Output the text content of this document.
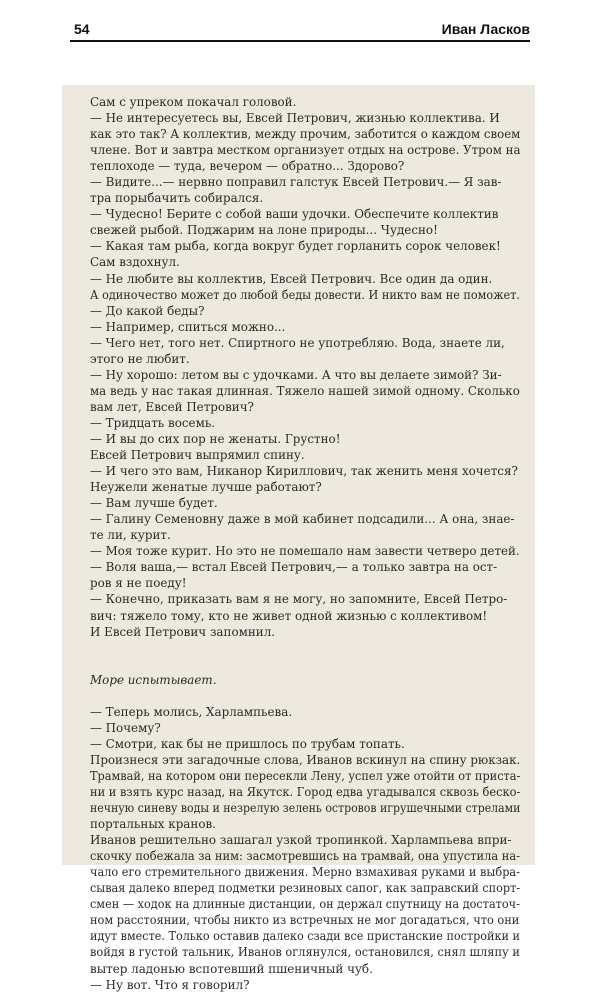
54	Иван Ласков
Сам с упреком покачал головой.
— Не интересуетесь вы, Евсей Петрович, жизнью коллектива. И
как это так? А коллектив, между прочим, заботится о каждом своем
члене. Вот и завтра местком организует отдых на острове. Утром на
теплоходе — туда, вечером — обратно... Здорово?
— Видите...— нервно поправил галстук Евсей Петрович.— Я зав-
тра порыбачить собирался.
— Чудесно! Берите с собой ваши удочки. Обеспечите коллектив
свежей рыбой. Поджарим на лоне природы... Чудесно!
— Какая там рыба, когда вокруг будет горланить сорок человек!
Сам вздохнул.
— Не любите вы коллектив, Евсей Петрович. Все один да один.
А одиночество может до любой беды довести. И никто вам не поможет.
— До какой беды?
— Например, спиться можно...
— Чего нет, того нет. Спиртного не употребляю. Вода, знаете ли,
этого не любит.
— Ну хорошо: летом вы с удочками. А что вы делаете зимой? Зи-
ма ведь у нас такая длинная. Тяжело нашей зимой одному. Сколько
вам лет, Евсей Петрович?
— Тридцать восемь.
— И вы до сих пор не женаты. Грустно!
Евсей Петрович выпрямил спину.
— И чего это вам, Никанор Кириллович, так женить меня хочется?
Неужели женатые лучше работают?
— Вам лучше будет.
— Галину Семеновну даже в мой кабинет подсадили... А она, знае-
те ли, курит.
— Моя тоже курит. Но это не помешало нам завести четверо детей.
— Воля ваша,— встал Евсей Петрович,— а только завтра на ост-
ров я не поеду!
— Конечно, приказать вам я не могу, но запомните, Евсей Петро-
вич: тяжело тому, кто не живет одной жизнью с коллективом!
И Евсей Петрович запомнил.
Море испытывает.
— Теперь молись, Харлампьева.
— Почему?
— Смотри, как бы не пришлось по трубам топать.
Произнеся эти загадочные слова, Иванов вскинул на спину рюкзак.
Трамвай, на котором они пересекли Лену, успел уже отойти от приста-
ни и взять курс назад, на Якутск. Город едва угадывался сквозь беско-
нечную синеву воды и незрелую зелень островов игрушечными стрелами
портальных кранов.
Иванов решительно зашагал узкой тропинкой. Харлампьева впри-
скочку побежала за ним: засмотревшись на трамвай, она упустила на-
чало его стремительного движения. Мерно взмахивая руками и выбра-
сывая далеко вперед подметки резиновых сапог, как заправский спорт-
смен — ходок на длинные дистанции, он держал спутницу на достаточ-
ном расстоянии, чтобы никто из встречных не мог догадаться, что они
идут вместе. Только оставив далеко сзади все пристанские постройки и
войдя в густой тальник, Иванов оглянулся, остановился, снял шляпу и
вытер ладонью вспотевший пшеничный чуб.
— Ну вот. Что я говорил?
